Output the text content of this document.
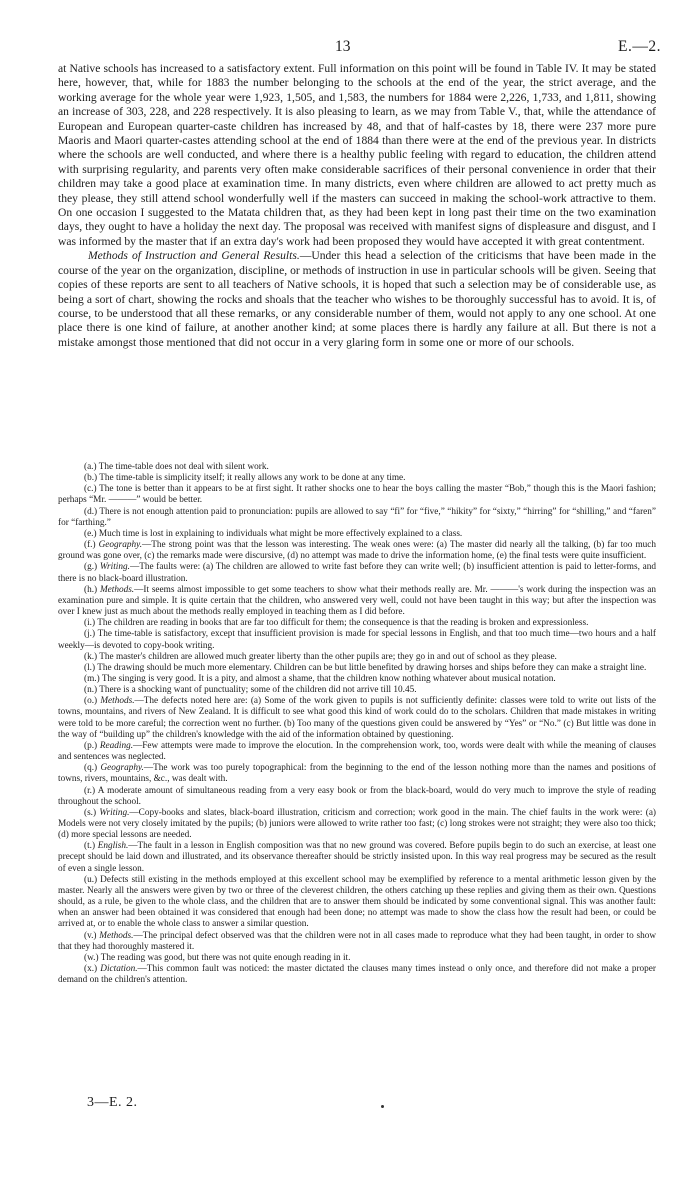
13	E.—2.

at Native schools has increased to a satisfactory extent. Full information on this point will be found in Table IV. It may be stated here, however, that, while for 1883 the number belonging to the schools at the end of the year, the strict average, and the working average for the whole year were 1,923, 1,505, and 1,583, the numbers for 1884 were 2,226, 1,733, and 1,811, showing an increase of 303, 228, and 228 respectively. It is also pleasing to learn, as we may from Table V., that, while the attendance of European and European quarter-caste children has increased by 48, and that of half-castes by 18, there were 237 more pure Maoris and Maori quarter-castes attending school at the end of 1884 than there were at the end of the previous year. In districts where the schools are well conducted, and where there is a healthy public feeling with regard to education, the children attend with surprising regularity, and parents very often make considerable sacrifices of their personal convenience in order that their children may take a good place at examination time. In many districts, even where children are allowed to act pretty much as they please, they still attend school wonderfully well if the masters can succeed in making the school-work attractive to them. On one occasion I suggested to the Matata children that, as they had been kept in long past their time on the two examination days, they ought to have a holiday the next day. The proposal was received with manifest signs of displeasure and disgust, and I was informed by the master that if an extra day's work had been proposed they would have accepted it with great contentment.

Methods of Instruction and General Results.—Under this head a selection of the criticisms that have been made in the course of the year on the organization, discipline, or methods of instruction in use in particular schools will be given. Seeing that copies of these reports are sent to all teachers of Native schools, it is hoped that such a selection may be of considerable use, as being a sort of chart, showing the rocks and shoals that the teacher who wishes to be thoroughly successful has to avoid. It is, of course, to be understood that all these remarks, or any considerable number of them, would not apply to any one school. At one place there is one kind of failure, at another another kind; at some places there is hardly any failure at all. But there is not a mistake amongst those mentioned that did not occur in a very glaring form in some one or more of our schools.

(a.) The time-table does not deal with silent work.

(b.) The time-table is simplicity itself; it really allows any work to be done at any time.

(c.) The tone is better than it appears to be at first sight. It rather shocks one to hear the boys calling the master “Bob,” though this is the Maori fashion; perhaps “Mr. ———” would be better.

(d.) There is not enough attention paid to pronunciation: pupils are allowed to say “fi” for “five,” “hikity” for “sixty,” “hirring” for “shilling,” and “faren” for “farthing.”

(e.) Much time is lost in explaining to individuals what might be more effectively explained to a class.

(f.) Geography.—The strong point was that the lesson was interesting. The weak ones were: (a) The master did nearly all the talking, (b) far too much ground was gone over, (c) the remarks made were discursive, (d) no attempt was made to drive the information home, (e) the final tests were quite insufficient.

(g.) Writing.—The faults were: (a) The children are allowed to write fast before they can write well; (b) insufficient attention is paid to letter-forms, and there is no black-board illustration.

(h.) Methods.—It seems almost impossible to get some teachers to show what their methods really are. Mr. ———'s work during the inspection was an examination pure and simple. It is quite certain that the children, who answered very well, could not have been taught in this way; but after the inspection was over I knew just as much about the methods really employed in teaching them as I did before.

(i.) The children are reading in books that are far too difficult for them; the consequence is that the reading is broken and expressionless.

(j.) The time-table is satisfactory, except that insufficient provision is made for special lessons in English, and that too much time—two hours and a half weekly—is devoted to copy-book writing.

(k.) The master's children are allowed much greater liberty than the other pupils are; they go in and out of school as they please.

(l.) The drawing should be much more elementary. Children can be but little benefited by drawing horses and ships before they can make a straight line.

(m.) The singing is very good. It is a pity, and almost a shame, that the children know nothing whatever about musical notation.

(n.) There is a shocking want of punctuality; some of the children did not arrive till 10.45.

(o.) Methods.—The defects noted here are: (a) Some of the work given to pupils is not sufficiently definite: classes were told to write out lists of the towns, mountains, and rivers of New Zealand. It is difficult to see what good this kind of work could do to the scholars. Children that made mistakes in writing were told to be more careful; the correction went no further. (b) Too many of the questions given could be answered by “Yes” or “No.” (c) But little was done in the way of “building up” the children's knowledge with the aid of the information obtained by questioning.

(p.) Reading.—Few attempts were made to improve the elocution. In the comprehension work, too, words were dealt with while the meaning of clauses and sentences was neglected.

(q.) Geography.—The work was too purely topographical: from the beginning to the end of the lesson nothing more than the names and positions of towns, rivers, mountains, &c., was dealt with.

(r.) A moderate amount of simultaneous reading from a very easy book or from the black-board, would do very much to improve the style of reading throughout the school.

(s.) Writing.—Copy-books and slates, black-board illustration, criticism and correction; work good in the main. The chief faults in the work were: (a) Models were not very closely imitated by the pupils; (b) juniors were allowed to write rather too fast; (c) long strokes were not straight; they were also too thick; (d) more special lessons are needed.

(t.) English.—The fault in a lesson in English composition was that no new ground was covered. Before pupils begin to do such an exercise, at least one precept should be laid down and illustrated, and its observance thereafter should be strictly insisted upon. In this way real progress may be secured as the result of even a single lesson.

(u.) Defects still existing in the methods employed at this excellent school may be exemplified by reference to a mental arithmetic lesson given by the master. Nearly all the answers were given by two or three of the cleverest children, the others catching up these replies and giving them as their own. Questions should, as a rule, be given to the whole class, and the children that are to answer them should be indicated by some conventional signal. This was another fault: when an answer had been obtained it was considered that enough had been done; no attempt was made to show the class how the result had been, or could be arrived at, or to enable the whole class to answer a similar question.

(v.) Methods.—The principal defect observed was that the children were not in all cases made to reproduce what they had been taught, in order to show that they had thoroughly mastered it.

(w.) The reading was good, but there was not quite enough reading in it.

(x.) Dictation.—This common fault was noticed: the master dictated the clauses many times instead o only once, and therefore did not make a proper demand on the children's attention.

3—E. 2.
